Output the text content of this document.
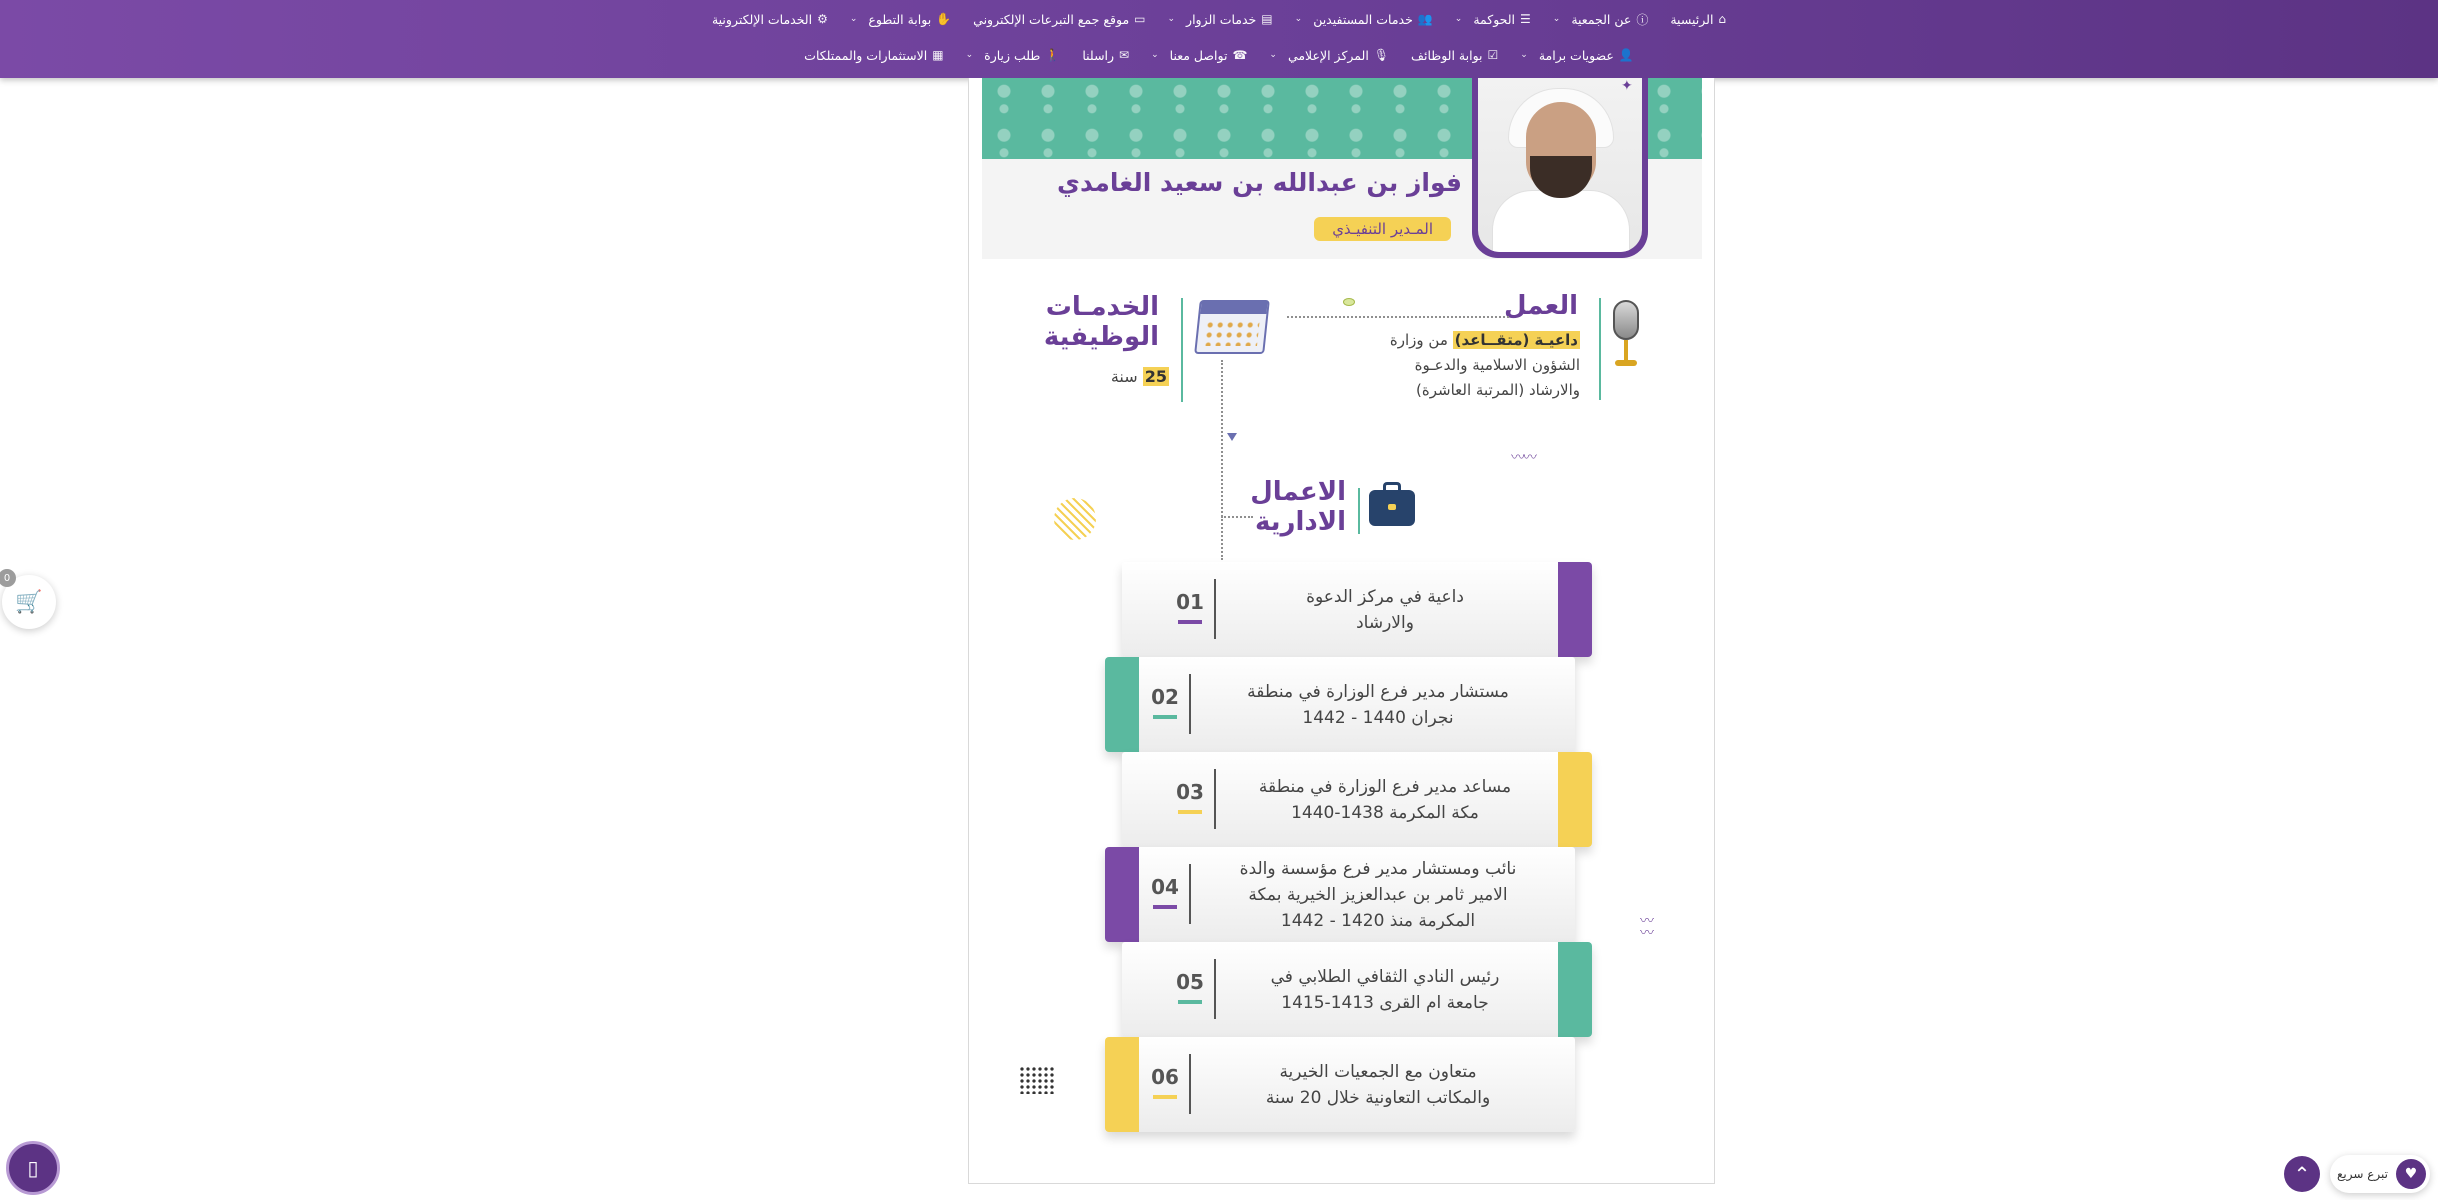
⌂
الرئيسية
ⓘ
عن الجمعية
⌄
☰
الحوكمة
⌄
👥
خدمات المستفيدين
⌄
▤
خدمات الزوار
⌄
▭
موقع جمع التبرعات الإلكتروني
✋
بوابة التطوع
⌄
⚙
الخدمات الإلكترونية
👤
عضويات برامة
⌄
☑
بوابة الوظائف
🎙
المركز الإعلامي
⌄
☎
تواصل معنا
⌄
✉
راسلنا
🚶
طلب زيارة
⌄
▦
الاستثمارات والممتلكات
✦
فواز بن عبدالله بن سعيد الغامدي
المـدير التنفيـذي
العمل
داعيـة (متقــاعد) من وزارة
الشؤون الاسلامية والدعـوة
والارشاد (المرتبة العاشرة)
الخدمـات
الوظيفية
25 سنة
الاعمال
الادارية
〰〰
〰〰
01	داعية في مركز الدعوة
والارشاد
02	مستشار مدير فرع الوزارة في منطقة
نجران 1440 - 1442
03	مساعد مدير فرع الوزارة في منطقة
مكة المكرمة 1438-1440
04
نائب ومستشار مدير فرع مؤسسة والدة
الامير ثامر بن عبدالعزيز الخيرية بمكة
المكرمة منذ 1420 - 1442
05	رئيس النادي الثقافي الطلابي في
جامعة ام القرى 1413-1415
06	متعاون مع الجمعيات الخيرية
والمكاتب التعاونية خلال 20 سنة
🛒
0
▯	⌃	♥
تبرع سريع
